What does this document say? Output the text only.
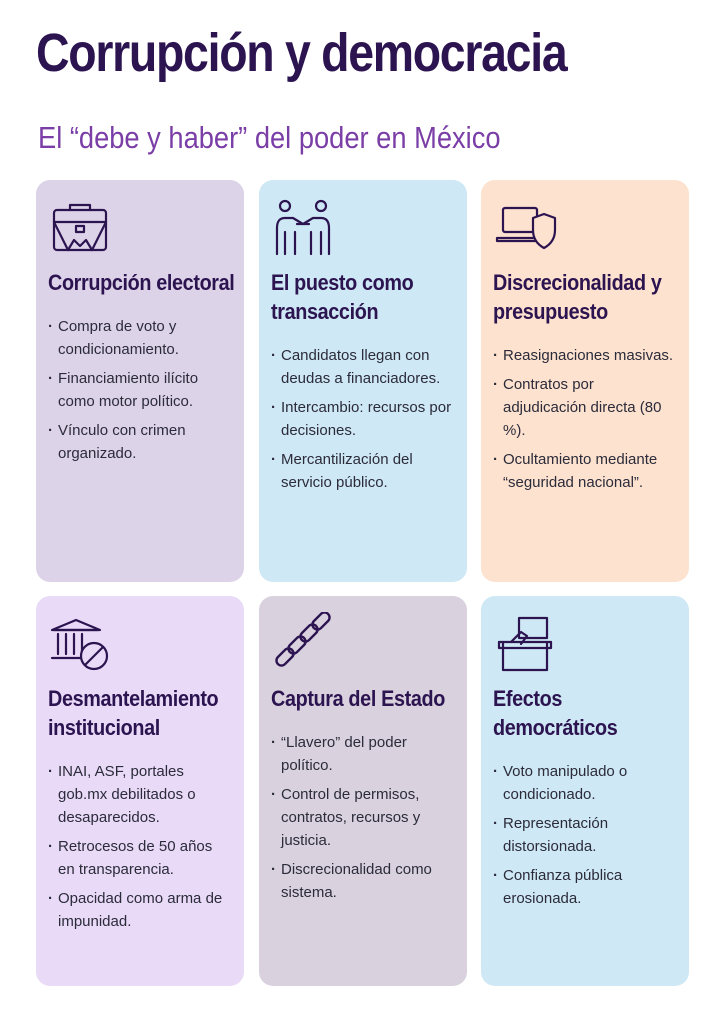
Corrupción y democracia
El “debe y haber” del poder en México
Corrupción electoral
· Compra de voto y condicionamiento.
· Financiamiento ilícito como motor político.
· Vínculo con crimen organizado.
El puesto como transacción
· Candidatos llegan con deudas a financiadores.
· Intercambio: recursos por decisiones.
· Mercantilización del servicio público.
Discrecionalidad y presupuesto
· Reasignaciones masivas.
· Contratos por adjudicación directa (80 %).
· Ocultamiento mediante “seguridad nacional”.
Desmantelamiento institucional
· INAI, ASF, portales gob.mx debilitados o desaparecidos.
· Retrocesos de 50 años en transparencia.
· Opacidad como arma de impunidad.
Captura del Estado
· “Llavero” del poder político.
· Control de permisos, contratos, recursos y justicia.
· Discrecionalidad como sistema.
Efectos democráticos
· Voto manipulado o condicionado.
· Representación distorsionada.
· Confianza pública erosionada.
